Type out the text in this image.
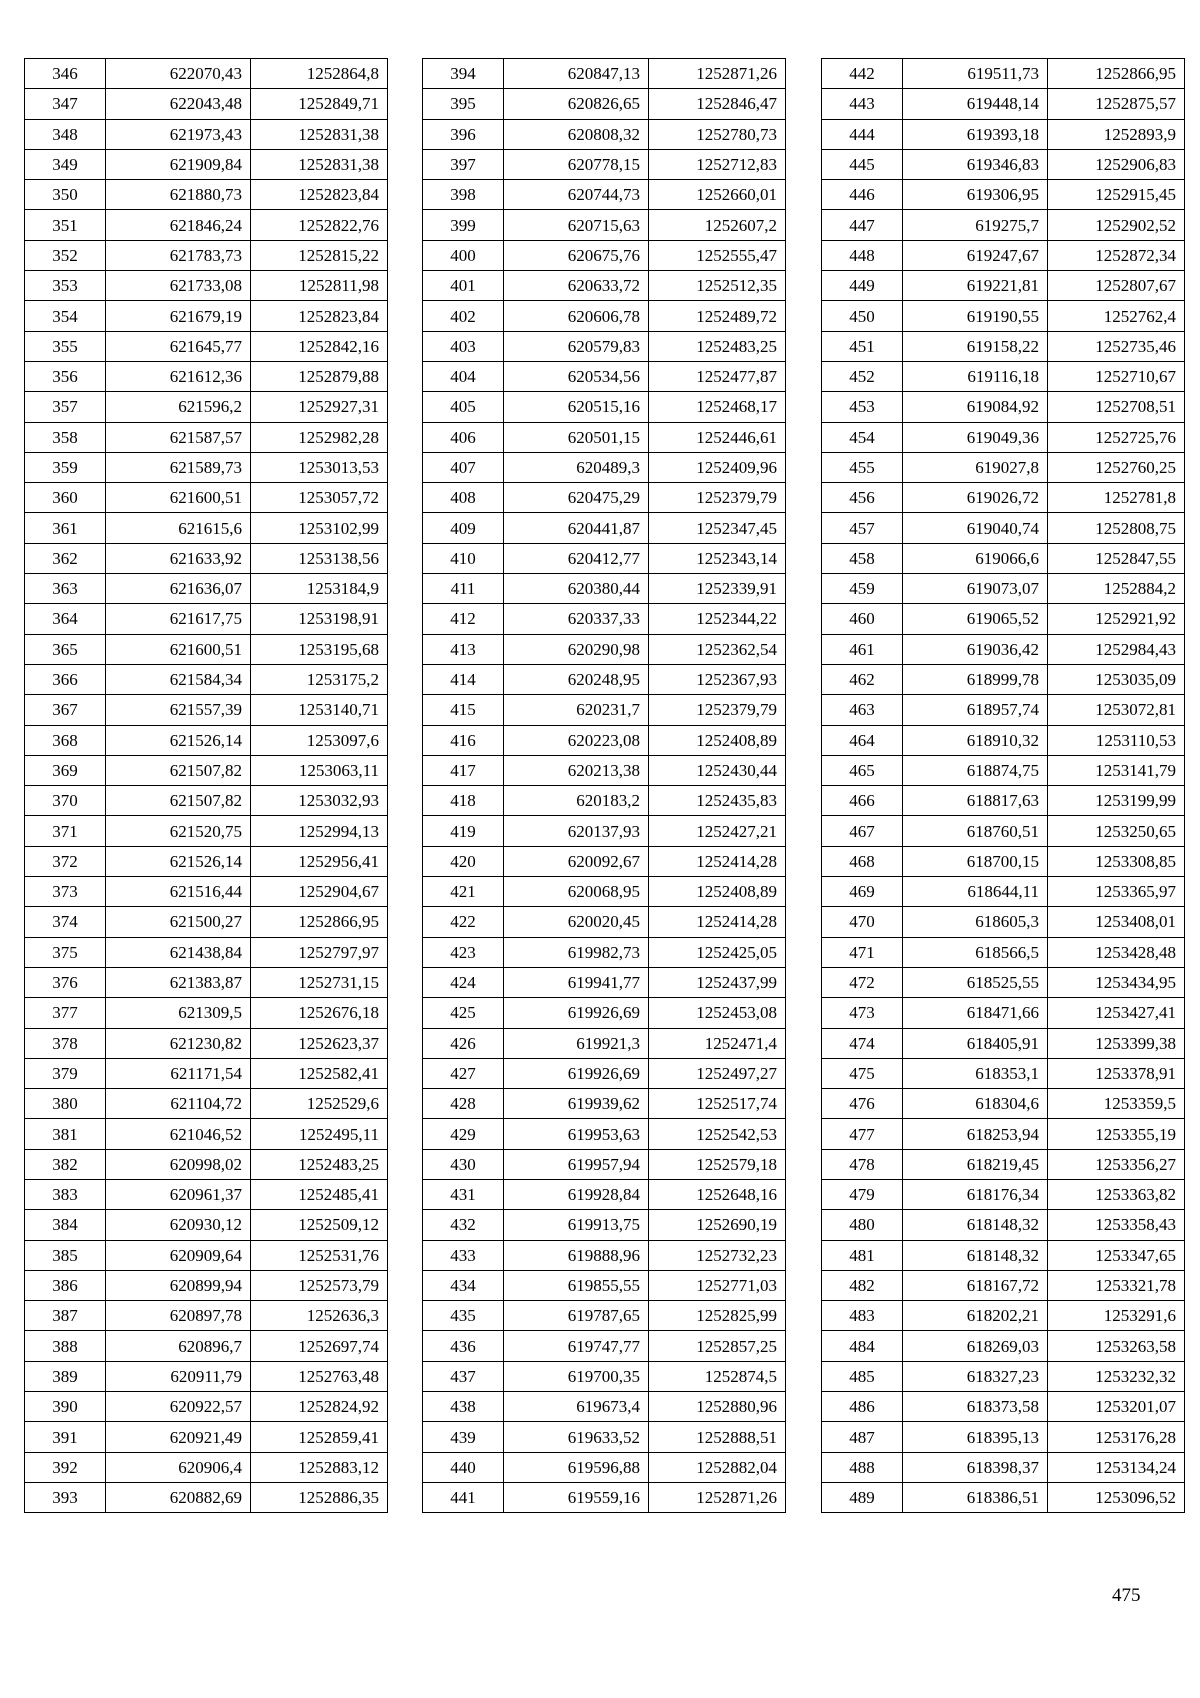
346	622070,43	1252864,8
347	622043,48	1252849,71
348	621973,43	1252831,38
349	621909,84	1252831,38
350	621880,73	1252823,84
351	621846,24	1252822,76
352	621783,73	1252815,22
353	621733,08	1252811,98
354	621679,19	1252823,84
355	621645,77	1252842,16
356	621612,36	1252879,88
357	621596,2	1252927,31
358	621587,57	1252982,28
359	621589,73	1253013,53
360	621600,51	1253057,72
361	621615,6	1253102,99
362	621633,92	1253138,56
363	621636,07	1253184,9
364	621617,75	1253198,91
365	621600,51	1253195,68
366	621584,34	1253175,2
367	621557,39	1253140,71
368	621526,14	1253097,6
369	621507,82	1253063,11
370	621507,82	1253032,93
371	621520,75	1252994,13
372	621526,14	1252956,41
373	621516,44	1252904,67
374	621500,27	1252866,95
375	621438,84	1252797,97
376	621383,87	1252731,15
377	621309,5	1252676,18
378	621230,82	1252623,37
379	621171,54	1252582,41
380	621104,72	1252529,6
381	621046,52	1252495,11
382	620998,02	1252483,25
383	620961,37	1252485,41
384	620930,12	1252509,12
385	620909,64	1252531,76
386	620899,94	1252573,79
387	620897,78	1252636,3
388	620896,7	1252697,74
389	620911,79	1252763,48
390	620922,57	1252824,92
391	620921,49	1252859,41
392	620906,4	1252883,12
393	620882,69	1252886,35
394	620847,13	1252871,26
395	620826,65	1252846,47
396	620808,32	1252780,73
397	620778,15	1252712,83
398	620744,73	1252660,01
399	620715,63	1252607,2
400	620675,76	1252555,47
401	620633,72	1252512,35
402	620606,78	1252489,72
403	620579,83	1252483,25
404	620534,56	1252477,87
405	620515,16	1252468,17
406	620501,15	1252446,61
407	620489,3	1252409,96
408	620475,29	1252379,79
409	620441,87	1252347,45
410	620412,77	1252343,14
411	620380,44	1252339,91
412	620337,33	1252344,22
413	620290,98	1252362,54
414	620248,95	1252367,93
415	620231,7	1252379,79
416	620223,08	1252408,89
417	620213,38	1252430,44
418	620183,2	1252435,83
419	620137,93	1252427,21
420	620092,67	1252414,28
421	620068,95	1252408,89
422	620020,45	1252414,28
423	619982,73	1252425,05
424	619941,77	1252437,99
425	619926,69	1252453,08
426	619921,3	1252471,4
427	619926,69	1252497,27
428	619939,62	1252517,74
429	619953,63	1252542,53
430	619957,94	1252579,18
431	619928,84	1252648,16
432	619913,75	1252690,19
433	619888,96	1252732,23
434	619855,55	1252771,03
435	619787,65	1252825,99
436	619747,77	1252857,25
437	619700,35	1252874,5
438	619673,4	1252880,96
439	619633,52	1252888,51
440	619596,88	1252882,04
441	619559,16	1252871,26
442	619511,73	1252866,95
443	619448,14	1252875,57
444	619393,18	1252893,9
445	619346,83	1252906,83
446	619306,95	1252915,45
447	619275,7	1252902,52
448	619247,67	1252872,34
449	619221,81	1252807,67
450	619190,55	1252762,4
451	619158,22	1252735,46
452	619116,18	1252710,67
453	619084,92	1252708,51
454	619049,36	1252725,76
455	619027,8	1252760,25
456	619026,72	1252781,8
457	619040,74	1252808,75
458	619066,6	1252847,55
459	619073,07	1252884,2
460	619065,52	1252921,92
461	619036,42	1252984,43
462	618999,78	1253035,09
463	618957,74	1253072,81
464	618910,32	1253110,53
465	618874,75	1253141,79
466	618817,63	1253199,99
467	618760,51	1253250,65
468	618700,15	1253308,85
469	618644,11	1253365,97
470	618605,3	1253408,01
471	618566,5	1253428,48
472	618525,55	1253434,95
473	618471,66	1253427,41
474	618405,91	1253399,38
475	618353,1	1253378,91
476	618304,6	1253359,5
477	618253,94	1253355,19
478	618219,45	1253356,27
479	618176,34	1253363,82
480	618148,32	1253358,43
481	618148,32	1253347,65
482	618167,72	1253321,78
483	618202,21	1253291,6
484	618269,03	1253263,58
485	618327,23	1253232,32
486	618373,58	1253201,07
487	618395,13	1253176,28
488	618398,37	1253134,24
489	618386,51	1253096,52
475
